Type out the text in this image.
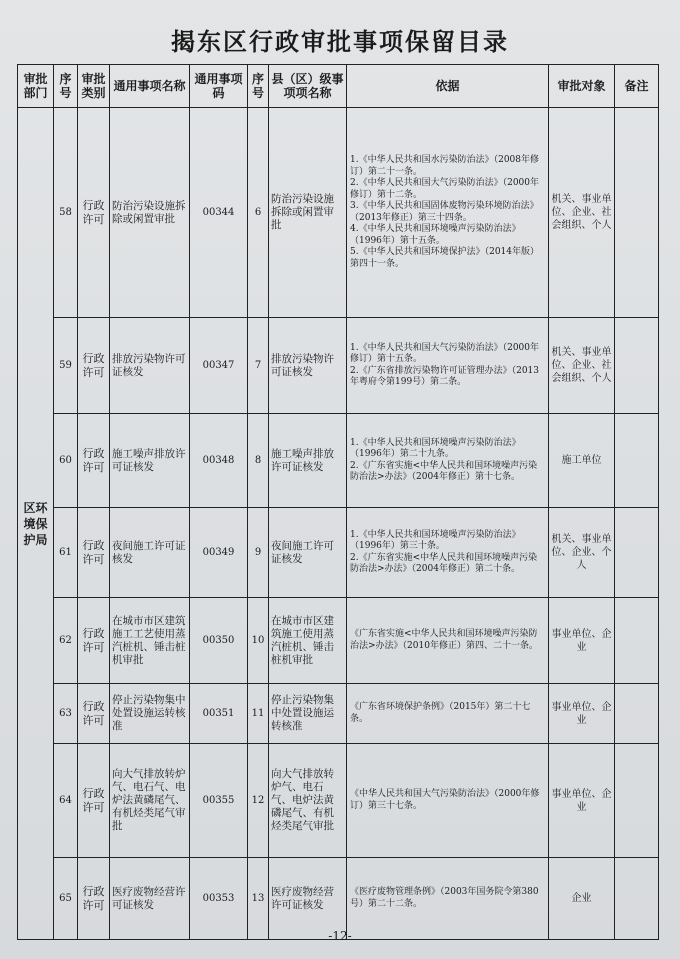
揭东区行政审批事项保留目录
审批部门	序号	审批类别	通用事项名称	通用事项码	序号	县（区）级事项项名称	依据	审批对象	备注
区环境保护局	58	行政许可	防治污染设施拆除或闲置审批	00344	6	防治污染设施拆除或闲置审批	1.《中华人民共和国水污染防治法》（2008年修订）第二十一条。
2.《中华人民共和国大气污染防治法》（2000年修订）第十二条。
3.《中华人民共和国固体废物污染环境防治法》（2013年修正）第三十四条。
4.《中华人民共和国环境噪声污染防治法》（1996年）第十五条。
5.《中华人民共和国环境保护法》（2014年版）第四十一条。	机关、事业单位、企业、社会组织、个人	
	59	行政许可	排放污染物许可证核发	00347	7	排放污染物许可证核发	1.《中华人民共和国大气污染防治法》（2000年修订）第十五条。
2.《广东省排放污染物许可证管理办法》（2013年粤府令第199号）第二条。	机关、事业单位、企业、社会组织、个人	
	60	行政许可	施工噪声排放许可证核发	00348	8	施工噪声排放许可证核发	1.《中华人民共和国环境噪声污染防治法》（1996年）第二十九条。
2.《广东省实施<中华人民共和国环境噪声污染防治法>办法》（2004年修正）第十七条。	施工单位	
	61	行政许可	夜间施工许可证核发	00349	9	夜间施工许可证核发	1.《中华人民共和国环境噪声污染防治法》（1996年）第三十条。
2.《广东省实施<中华人民共和国环境噪声污染防治法>办法》（2004年修正）第二十条。	机关、事业单位、企业、个人	
	62	行政许可	在城市市区建筑施工工艺使用蒸汽桩机、锤击桩机审批	00350	10	在城市市区建筑施工使用蒸汽桩机、锤击桩机审批	《广东省实施<中华人民共和国环境噪声污染防治法>办法》（2010年修正）第四、二十一条。	事业单位、企业	
	63	行政许可	停止污染物集中处置设施运转核准	00351	11	停止污染物集中处置设施运转核准	《广东省环境保护条例》（2015年）第二十七条。	事业单位、企业	
	64	行政许可	向大气排放转炉气、电石气、电炉法黄磷尾气、有机烃类尾气审批	00355	12	向大气排放转炉气、电石气、电炉法黄磷尾气、有机烃类尾气审批	《中华人民共和国大气污染防治法》（2000年修订）第三十七条。	事业单位、企业	
	65	行政许可	医疗废物经营许可证核发	00353	13	医疗废物经营许可证核发	《医疗废物管理条例》（2003年国务院令第380号）第二十二条。	企业	
-12-
